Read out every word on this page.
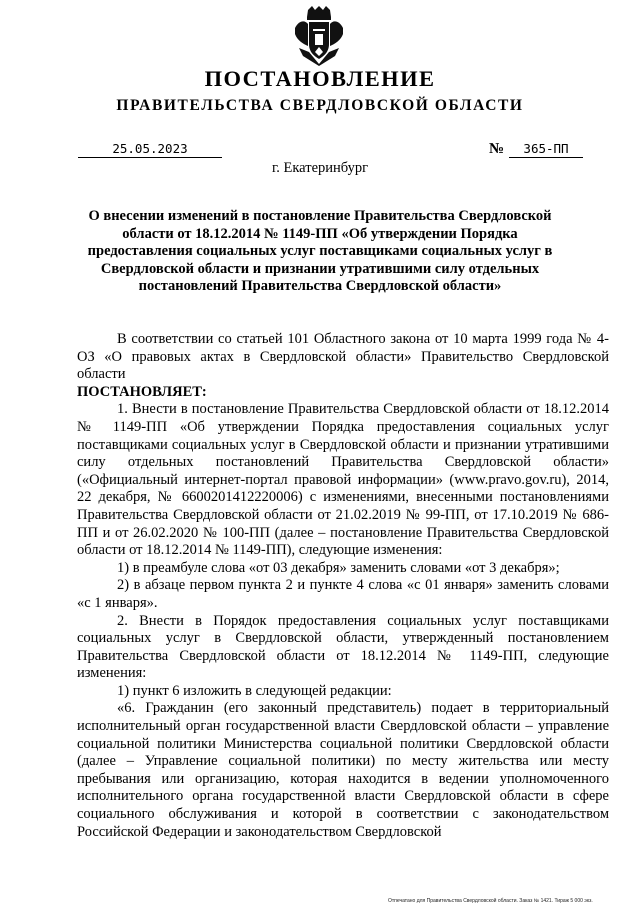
ПОСТАНОВЛЕНИЕ
ПРАВИТЕЛЬСТВА СВЕРДЛОВСКОЙ ОБЛАСТИ
25.05.2023	№	365-ПП
г. Екатеринбург
О внесении изменений в постановление Правительства Свердловской области от 18.12.2014 № 1149-ПП «Об утверждении Порядка предоставления социальных услуг поставщиками социальных услуг в Свердловской области и признании утратившими силу отдельных постановлений Правительства Свердловской области»

В соответствии со статьей 101 Областного закона от 10 марта 1999 года № 4-ОЗ «О правовых актах в Свердловской области» Правительство Свердловской области

ПОСТАНОВЛЯЕТ:

1. Внести в постановление Правительства Свердловской области от 18.12.2014 № 1149-ПП «Об утверждении Порядка предоставления социальных услуг поставщиками социальных услуг в Свердловской области и признании утратившими силу отдельных постановлений Правительства Свердловской области» («Официальный интернет-портал правовой информации» (www.pravo.gov.ru), 2014, 22 декабря, № 6600201412220006) с изменениями, внесенными постановлениями Правительства Свердловской области от 21.02.2019 № 99-ПП, от 17.10.2019 № 686-ПП и от 26.02.2020 № 100-ПП (далее – постановление Правительства Свердловской области от 18.12.2014 № 1149-ПП), следующие изменения:

1) в преамбуле слова «от 03 декабря» заменить словами «от 3 декабря»;

2) в абзаце первом пункта 2 и пункте 4 слова «с 01 января» заменить словами «с 1 января».

2. Внести в Порядок предоставления социальных услуг поставщиками социальных услуг в Свердловской области, утвержденный постановлением Правительства Свердловской области от 18.12.2014 № 1149-ПП, следующие изменения:

1) пункт 6 изложить в следующей редакции:

«6. Гражданин (его законный представитель) подает в территориальный исполнительный орган государственной власти Свердловской области – управление социальной политики Министерства социальной политики Свердловской области (далее – Управление социальной политики) по месту жительства или месту пребывания или организацию, которая находится в ведении уполномоченного исполнительного органа государственной власти Свердловской области в сфере социального обслуживания и которой в соответствии с законодательством Российской Федерации и законодательством Свердловской

Отпечатано для Правительства Свердловской области. Заказ № 1421. Тираж 5 000 экз.
